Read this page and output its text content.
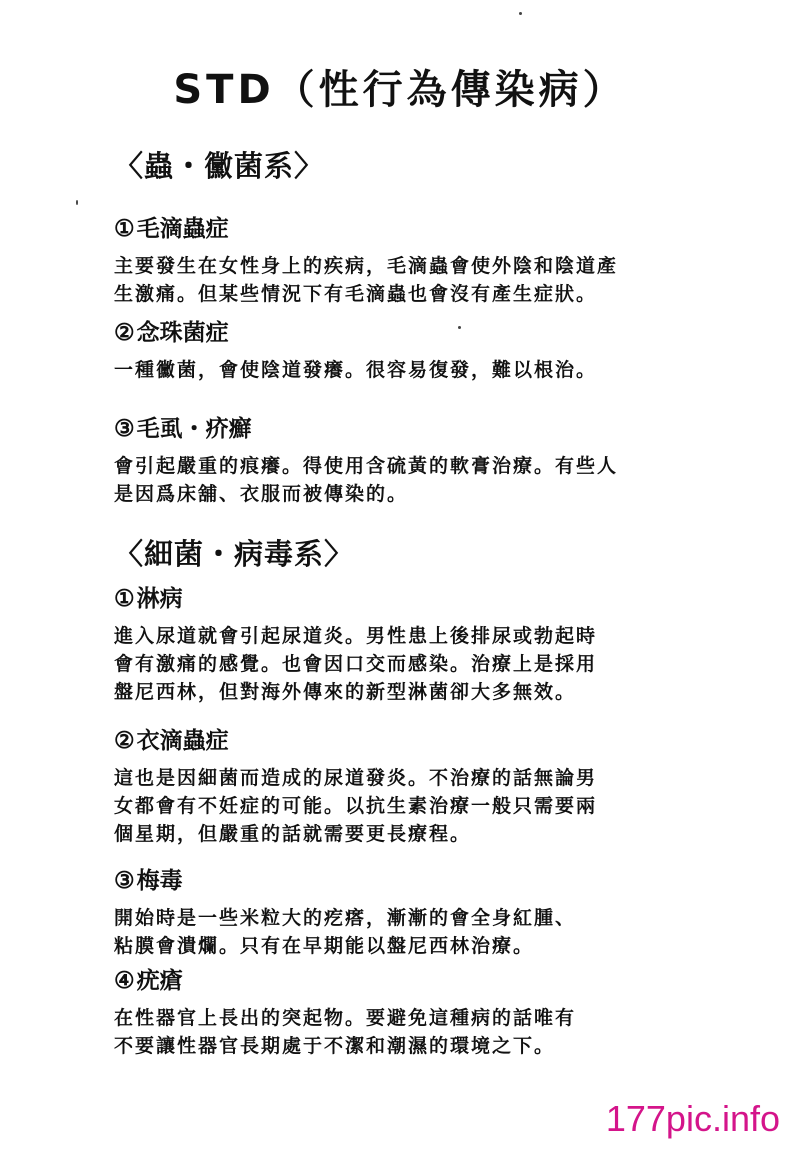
STD（性行為傳染病）
〈蟲・黴菌系〉
①毛滴蟲症

主要發生在女性身上的疾病，毛滴蟲會使外陰和陰道產
生激痛。但某些情況下有毛滴蟲也會沒有產生症狀。

②念珠菌症

一種黴菌，會使陰道發癢。很容易復發，難以根治。

③毛虱・疥癬

會引起嚴重的痕癢。得使用含硫黃的軟膏治療。有些人
是因爲床舖、衣服而被傳染的。

〈細菌・病毒系〉
①淋病

進入尿道就會引起尿道炎。男性患上後排尿或勃起時
會有激痛的感覺。也會因口交而感染。治療上是採用
盤尼西林，但對海外傳來的新型淋菌卻大多無效。

②衣滴蟲症

這也是因細菌而造成的尿道發炎。不治療的話無論男
女都會有不妊症的可能。以抗生素治療一般只需要兩
個星期，但嚴重的話就需要更長療程。

③梅毒

開始時是一些米粒大的疙瘩，漸漸的會全身紅腫、
粘膜會潰爛。只有在早期能以盤尼西林治療。

④疣瘡

在性器官上長出的突起物。要避免這種病的話唯有
不要讓性器官長期處于不潔和潮濕的環境之下。

177pic.info
